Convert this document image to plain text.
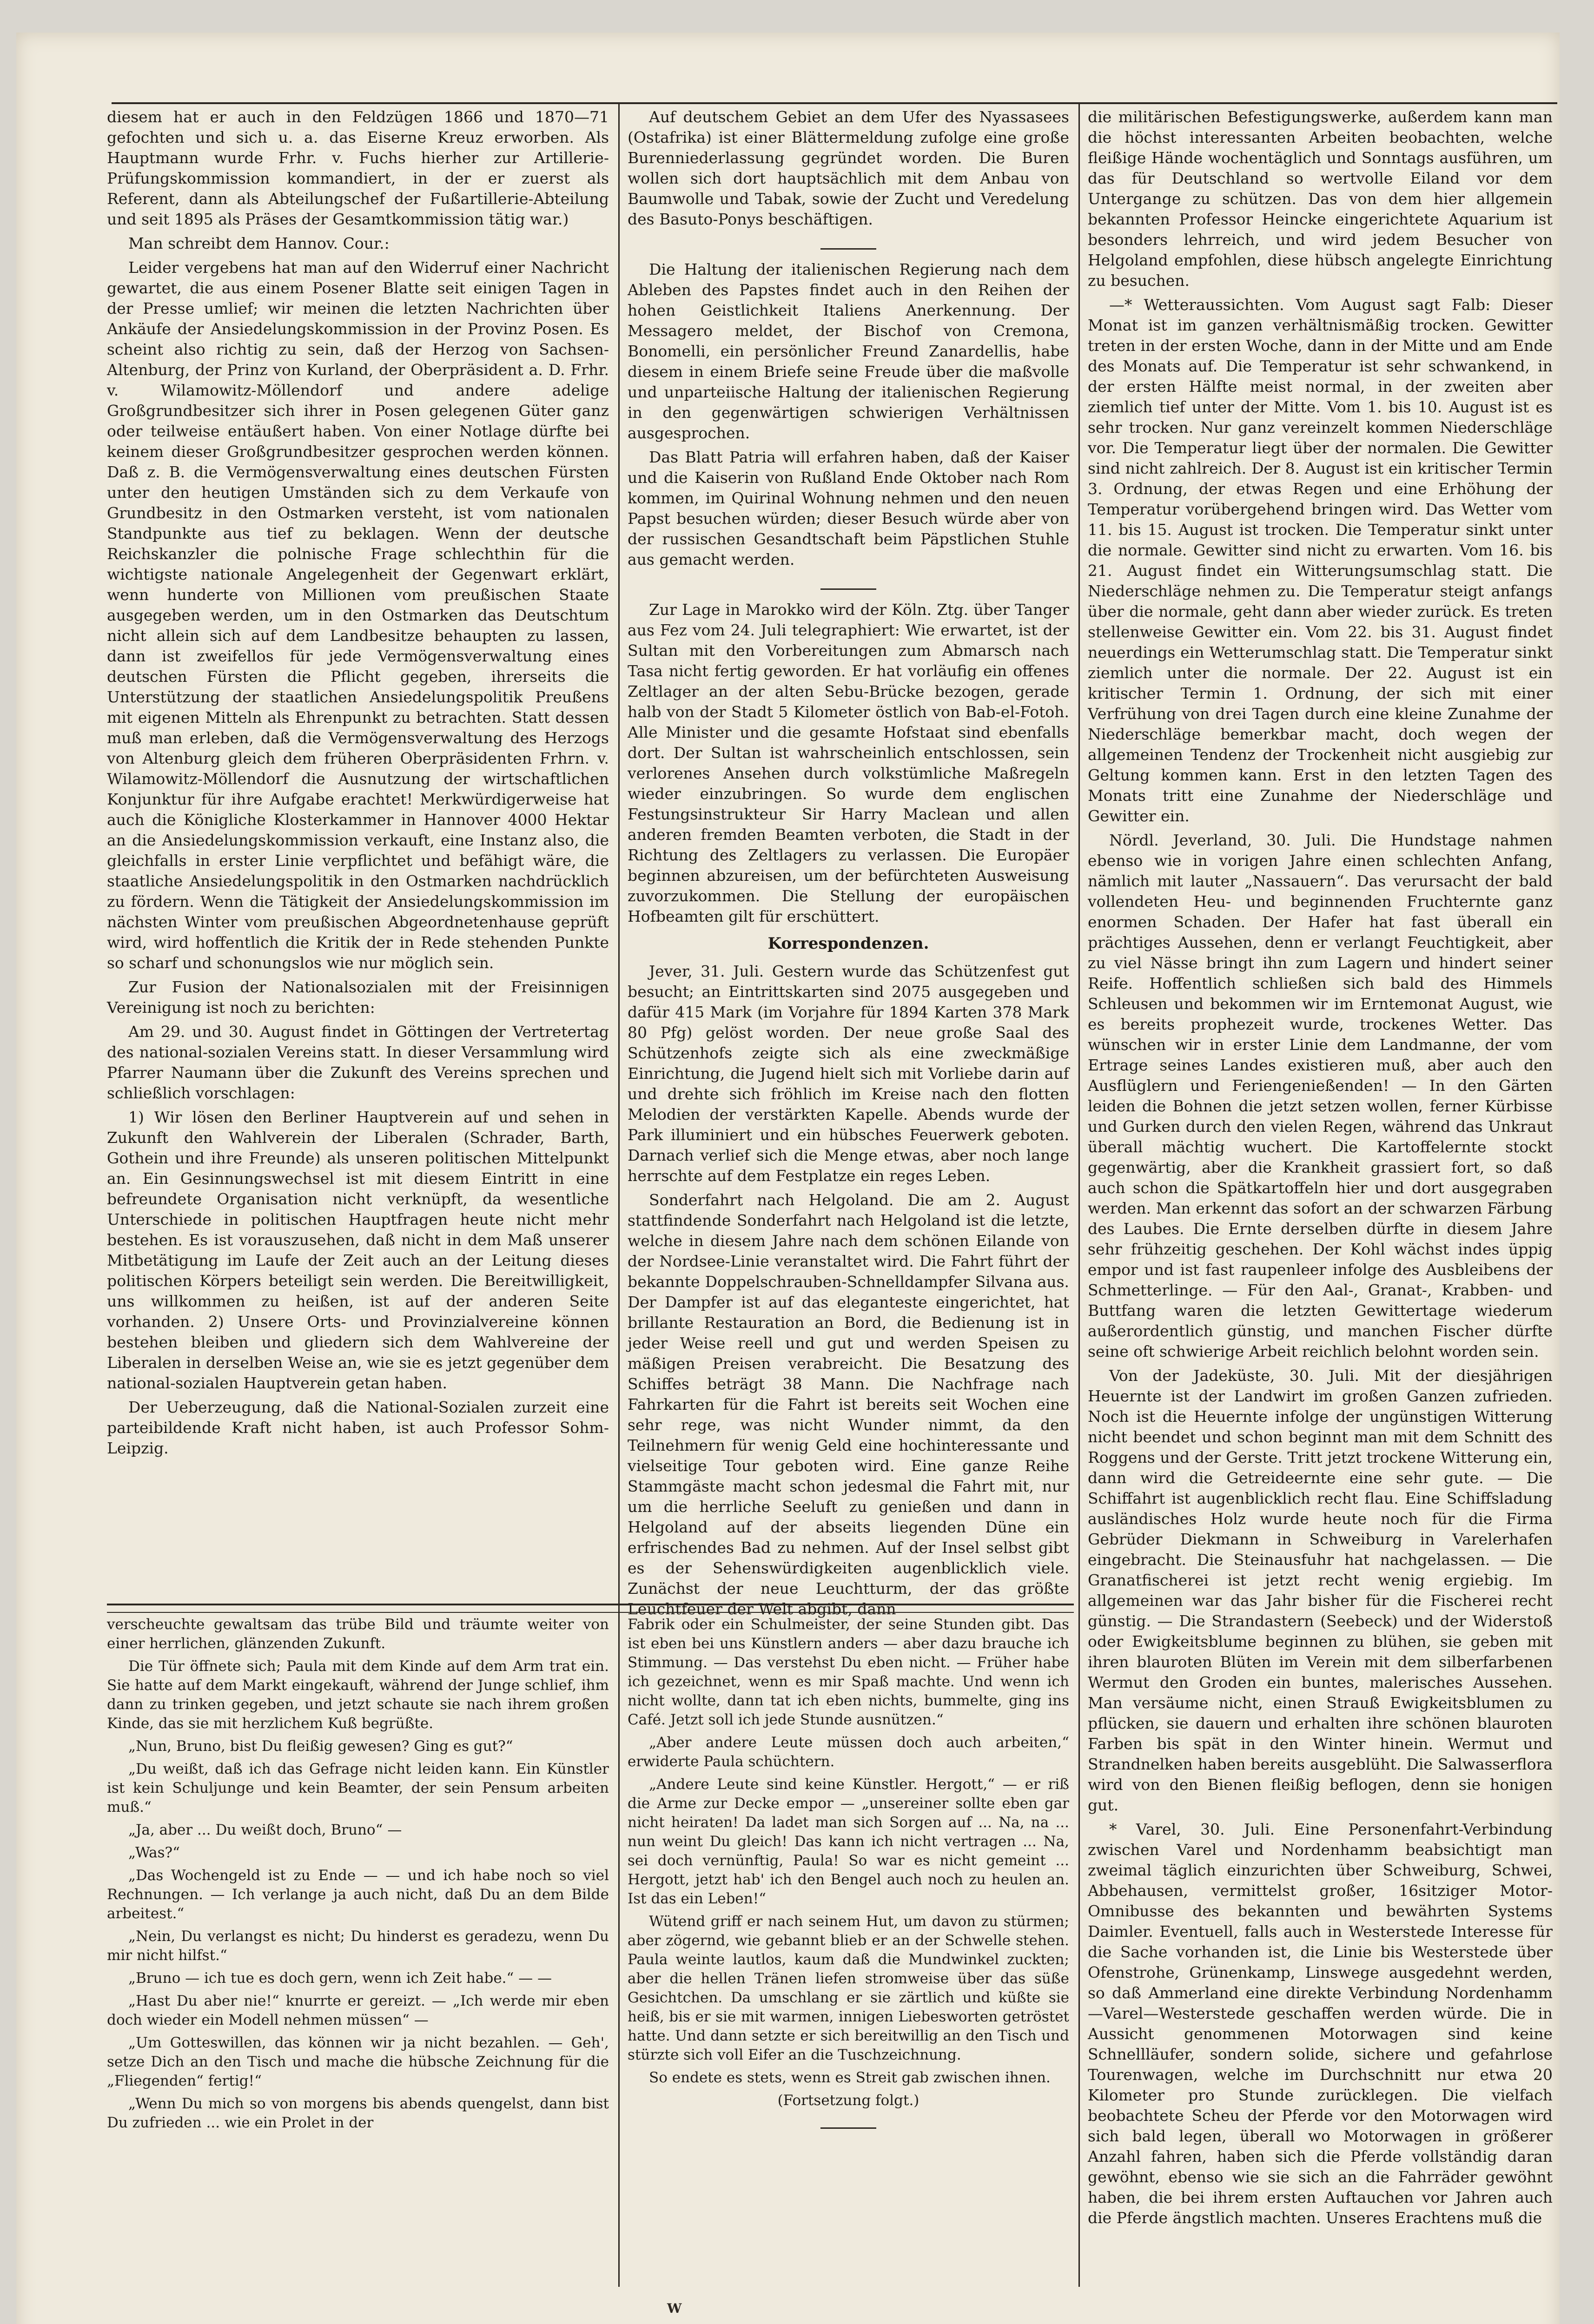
diesem hat er auch in den Feldzügen 1866 und 1870—71 gefochten und sich u. a. das Eiserne Kreuz erworben. Als Hauptmann wurde Frhr. v. Fuchs hierher zur Artillerie-Prüfungskommission kommandiert, in der er zuerst als Referent, dann als Abteilungschef der Fußartillerie-Abteilung und seit 1895 als Präses der Gesamtkommission tätig war.)

Man schreibt dem Hannov. Cour.:

Leider vergebens hat man auf den Widerruf einer Nachricht gewartet, die aus einem Posener Blatte seit einigen Tagen in der Presse umlief; wir meinen die letzten Nachrichten über Ankäufe der Ansiedelungskommission in der Provinz Posen. Es scheint also richtig zu sein, daß der Herzog von Sachsen-Altenburg, der Prinz von Kurland, der Oberpräsident a. D. Frhr. v. Wilamowitz-Möllendorf und andere adelige Großgrundbesitzer sich ihrer in Posen gelegenen Güter ganz oder teilweise entäußert haben. Von einer Notlage dürfte bei keinem dieser Großgrundbesitzer gesprochen werden können. Daß z. B. die Vermögensverwaltung eines deutschen Fürsten unter den heutigen Umständen sich zu dem Verkaufe von Grundbesitz in den Ostmarken versteht, ist vom nationalen Standpunkte aus tief zu beklagen. Wenn der deutsche Reichskanzler die polnische Frage schlechthin für die wichtigste nationale Angelegenheit der Gegenwart erklärt, wenn hunderte von Millionen vom preußischen Staate ausgegeben werden, um in den Ostmarken das Deutschtum nicht allein sich auf dem Landbesitze behaupten zu lassen, dann ist zweifellos für jede Vermögensverwaltung eines deutschen Fürsten die Pflicht gegeben, ihrerseits die Unterstützung der staatlichen Ansiedelungspolitik Preußens mit eigenen Mitteln als Ehrenpunkt zu betrachten. Statt dessen muß man erleben, daß die Vermögensverwaltung des Herzogs von Altenburg gleich dem früheren Oberpräsidenten Frhrn. v. Wilamowitz-Möllendorf die Ausnutzung der wirtschaftlichen Konjunktur für ihre Aufgabe erachtet! Merkwürdigerweise hat auch die Königliche Klosterkammer in Hannover 4000 Hektar an die Ansiedelungskommission verkauft, eine Instanz also, die gleichfalls in erster Linie verpflichtet und befähigt wäre, die staatliche Ansiedelungspolitik in den Ostmarken nachdrücklich zu fördern. Wenn die Tätigkeit der Ansiedelungskommission im nächsten Winter vom preußischen Abgeordnetenhause geprüft wird, wird hoffentlich die Kritik der in Rede stehenden Punkte so scharf und schonungslos wie nur möglich sein.

Zur Fusion der Nationalsozialen mit der Freisinnigen Vereinigung ist noch zu berichten:

Am 29. und 30. August findet in Göttingen der Vertretertag des national-sozialen Vereins statt. In dieser Versammlung wird Pfarrer Naumann über die Zukunft des Vereins sprechen und schließlich vorschlagen:

1) Wir lösen den Berliner Hauptverein auf und sehen in Zukunft den Wahlverein der Liberalen (Schrader, Barth, Gothein und ihre Freunde) als unseren politischen Mittelpunkt an. Ein Gesinnungswechsel ist mit diesem Eintritt in eine befreundete Organisation nicht verknüpft, da wesentliche Unterschiede in politischen Hauptfragen heute nicht mehr bestehen. Es ist vorauszusehen, daß nicht in dem Maß unserer Mitbetätigung im Laufe der Zeit auch an der Leitung dieses politischen Körpers beteiligt sein werden. Die Bereitwilligkeit, uns willkommen zu heißen, ist auf der anderen Seite vorhanden. 2) Unsere Orts- und Provinzialvereine können bestehen bleiben und gliedern sich dem Wahlvereine der Liberalen in derselben Weise an, wie sie es jetzt gegenüber dem national-sozialen Hauptverein getan haben.

Der Ueberzeugung, daß die National-Sozialen zurzeit eine parteibildende Kraft nicht haben, ist auch Professor Sohm-Leipzig.

Auf deutschem Gebiet an dem Ufer des Nyassasees (Ostafrika) ist einer Blättermeldung zufolge eine große Burenniederlassung gegründet worden. Die Buren wollen sich dort hauptsächlich mit dem Anbau von Baumwolle und Tabak, sowie der Zucht und Veredelung des Basuto-Ponys beschäftigen.

Die Haltung der italienischen Regierung nach dem Ableben des Papstes findet auch in den Reihen der hohen Geistlichkeit Italiens Anerkennung. Der Messagero meldet, der Bischof von Cremona, Bonomelli, ein persönlicher Freund Zanardellis, habe diesem in einem Briefe seine Freude über die maßvolle und unparteiische Haltung der italienischen Regierung in den gegenwärtigen schwierigen Verhältnissen ausgesprochen.

Das Blatt Patria will erfahren haben, daß der Kaiser und die Kaiserin von Rußland Ende Oktober nach Rom kommen, im Quirinal Wohnung nehmen und den neuen Papst besuchen würden; dieser Besuch würde aber von der russischen Gesandtschaft beim Päpstlichen Stuhle aus gemacht werden.

Zur Lage in Marokko wird der Köln. Ztg. über Tanger aus Fez vom 24. Juli telegraphiert: Wie erwartet, ist der Sultan mit den Vorbereitungen zum Abmarsch nach Tasa nicht fertig geworden. Er hat vorläufig ein offenes Zeltlager an der alten Sebu-Brücke bezogen, gerade halb von der Stadt 5 Kilometer östlich von Bab-el-Fotoh. Alle Minister und die gesamte Hofstaat sind ebenfalls dort. Der Sultan ist wahrscheinlich entschlossen, sein verlorenes Ansehen durch volkstümliche Maßregeln wieder einzubringen. So wurde dem englischen Festungsinstrukteur Sir Harry Maclean und allen anderen fremden Beamten verboten, die Stadt in der Richtung des Zeltlagers zu verlassen. Die Europäer beginnen abzureisen, um der befürchteten Ausweisung zuvorzukommen. Die Stellung der europäischen Hofbeamten gilt für erschüttert.

Korrespondenzen.

Jever, 31. Juli. Gestern wurde das Schützenfest gut besucht; an Eintrittskarten sind 2075 ausgegeben und dafür 415 Mark (im Vorjahre für 1894 Karten 378 Mark 80 Pfg) gelöst worden. Der neue große Saal des Schützenhofs zeigte sich als eine zweckmäßige Einrichtung, die Jugend hielt sich mit Vorliebe darin auf und drehte sich fröhlich im Kreise nach den flotten Melodien der verstärkten Kapelle. Abends wurde der Park illuminiert und ein hübsches Feuerwerk geboten. Darnach verlief sich die Menge etwas, aber noch lange herrschte auf dem Festplatze ein reges Leben.

Sonderfahrt nach Helgoland. Die am 2. August stattfindende Sonderfahrt nach Helgoland ist die letzte, welche in diesem Jahre nach dem schönen Eilande von der Nordsee-Linie veranstaltet wird. Die Fahrt führt der bekannte Doppelschrauben-Schnelldampfer Silvana aus. Der Dampfer ist auf das eleganteste eingerichtet, hat brillante Restauration an Bord, die Bedienung ist in jeder Weise reell und gut und werden Speisen zu mäßigen Preisen verabreicht. Die Besatzung des Schiffes beträgt 38 Mann. Die Nachfrage nach Fahrkarten für die Fahrt ist bereits seit Wochen eine sehr rege, was nicht Wunder nimmt, da den Teilnehmern für wenig Geld eine hochinteressante und vielseitige Tour geboten wird. Eine ganze Reihe Stammgäste macht schon jedesmal die Fahrt mit, nur um die herrliche Seeluft zu genießen und dann in Helgoland auf der abseits liegenden Düne ein erfrischendes Bad zu nehmen. Auf der Insel selbst gibt es der Sehenswürdigkeiten augenblicklich viele. Zunächst der neue Leuchtturm, der das größte Leuchtfeuer der Welt abgibt, dann

die militärischen Befestigungswerke, außerdem kann man die höchst interessanten Arbeiten beobachten, welche fleißige Hände wochentäglich und Sonntags ausführen, um das für Deutschland so wertvolle Eiland vor dem Untergange zu schützen. Das von dem hier allgemein bekannten Professor Heincke eingerichtete Aquarium ist besonders lehrreich, und wird jedem Besucher von Helgoland empfohlen, diese hübsch angelegte Einrichtung zu besuchen.

—* Wetteraussichten. Vom August sagt Falb: Dieser Monat ist im ganzen verhältnismäßig trocken. Gewitter treten in der ersten Woche, dann in der Mitte und am Ende des Monats auf. Die Temperatur ist sehr schwankend, in der ersten Hälfte meist normal, in der zweiten aber ziemlich tief unter der Mitte. Vom 1. bis 10. August ist es sehr trocken. Nur ganz vereinzelt kommen Niederschläge vor. Die Temperatur liegt über der normalen. Die Gewitter sind nicht zahlreich. Der 8. August ist ein kritischer Termin 3. Ordnung, der etwas Regen und eine Erhöhung der Temperatur vorübergehend bringen wird. Das Wetter vom 11. bis 15. August ist trocken. Die Temperatur sinkt unter die normale. Gewitter sind nicht zu erwarten. Vom 16. bis 21. August findet ein Witterungsumschlag statt. Die Niederschläge nehmen zu. Die Temperatur steigt anfangs über die normale, geht dann aber wieder zurück. Es treten stellenweise Gewitter ein. Vom 22. bis 31. August findet neuerdings ein Wetterumschlag statt. Die Temperatur sinkt ziemlich unter die normale. Der 22. August ist ein kritischer Termin 1. Ordnung, der sich mit einer Verfrühung von drei Tagen durch eine kleine Zunahme der Niederschläge bemerkbar macht, doch wegen der allgemeinen Tendenz der Trockenheit nicht ausgiebig zur Geltung kommen kann. Erst in den letzten Tagen des Monats tritt eine Zunahme der Niederschläge und Gewitter ein.

Nördl. Jeverland, 30. Juli. Die Hundstage nahmen ebenso wie in vorigen Jahre einen schlechten Anfang, nämlich mit lauter „Nassauern“. Das verursacht der bald vollendeten Heu- und beginnenden Fruchternte ganz enormen Schaden. Der Hafer hat fast überall ein prächtiges Aussehen, denn er verlangt Feuchtigkeit, aber zu viel Nässe bringt ihn zum Lagern und hindert seiner Reife. Hoffentlich schließen sich bald des Himmels Schleusen und bekommen wir im Erntemonat August, wie es bereits prophezeit wurde, trockenes Wetter. Das wünschen wir in erster Linie dem Landmanne, der vom Ertrage seines Landes existieren muß, aber auch den Ausflüglern und Feriengenießenden! — In den Gärten leiden die Bohnen die jetzt setzen wollen, ferner Kürbisse und Gurken durch den vielen Regen, während das Unkraut überall mächtig wuchert. Die Kartoffelernte stockt gegenwärtig, aber die Krankheit grassiert fort, so daß auch schon die Spätkartoffeln hier und dort ausgegraben werden. Man erkennt das sofort an der schwarzen Färbung des Laubes. Die Ernte derselben dürfte in diesem Jahre sehr frühzeitig geschehen. Der Kohl wächst indes üppig empor und ist fast raupenleer infolge des Ausbleibens der Schmetterlinge. — Für den Aal-, Granat-, Krabben- und Buttfang waren die letzten Gewittertage wiederum außerordentlich günstig, und manchen Fischer dürfte seine oft schwierige Arbeit reichlich belohnt worden sein.

Von der Jadeküste, 30. Juli. Mit der diesjährigen Heuernte ist der Landwirt im großen Ganzen zufrieden. Noch ist die Heuernte infolge der ungünstigen Witterung nicht beendet und schon beginnt man mit dem Schnitt des Roggens und der Gerste. Tritt jetzt trockene Witterung ein, dann wird die Getreideernte eine sehr gute. — Die Schiffahrt ist augenblicklich recht flau. Eine Schiffsladung ausländisches Holz wurde heute noch für die Firma Gebrüder Diekmann in Schweiburg in Varelerhafen eingebracht. Die Steinausfuhr hat nachgelassen. — Die Granatfischerei ist jetzt recht wenig ergiebig. Im allgemeinen war das Jahr bisher für die Fischerei recht günstig. — Die Strandastern (Seebeck) und der Widerstoß oder Ewigkeitsblume beginnen zu blühen, sie geben mit ihren blauroten Blüten im Verein mit dem silberfarbenen Wermut den Groden ein buntes, malerisches Aussehen. Man versäume nicht, einen Strauß Ewigkeitsblumen zu pflücken, sie dauern und erhalten ihre schönen blauroten Farben bis spät in den Winter hinein. Wermut und Strandnelken haben bereits ausgeblüht. Die Salwasserflora wird von den Bienen fleißig beflogen, denn sie honigen gut.

* Varel, 30. Juli. Eine Personenfahrt-Verbindung zwischen Varel und Nordenhamm beabsichtigt man zweimal täglich einzurichten über Schweiburg, Schwei, Abbehausen, vermittelst großer, 16sitziger Motor-Omnibusse des bekannten und bewährten Systems Daimler. Eventuell, falls auch in Westerstede Interesse für die Sache vorhanden ist, die Linie bis Westerstede über Ofenstrohe, Grünenkamp, Linswege ausgedehnt werden, so daß Ammerland eine direkte Verbindung Nordenhamm—Varel—Westerstede geschaffen werden würde. Die in Aussicht genommenen Motorwagen sind keine Schnellläufer, sondern solide, sichere und gefahrlose Tourenwagen, welche im Durchschnitt nur etwa 20 Kilometer pro Stunde zurücklegen. Die vielfach beobachtete Scheu der Pferde vor den Motorwagen wird sich bald legen, überall wo Motorwagen in größerer Anzahl fahren, haben sich die Pferde vollständig daran gewöhnt, ebenso wie sie sich an die Fahrräder gewöhnt haben, die bei ihrem ersten Auftauchen vor Jahren auch die Pferde ängstlich machten. Unseres Erachtens muß die

verscheuchte gewaltsam das trübe Bild und träumte weiter von einer herrlichen, glänzenden Zukunft.

Die Tür öffnete sich; Paula mit dem Kinde auf dem Arm trat ein. Sie hatte auf dem Markt eingekauft, während der Junge schlief, ihm dann zu trinken gegeben, und jetzt schaute sie nach ihrem großen Kinde, das sie mit herzlichem Kuß begrüßte.

„Nun, Bruno, bist Du fleißig gewesen? Ging es gut?“

„Du weißt, daß ich das Gefrage nicht leiden kann. Ein Künstler ist kein Schuljunge und kein Beamter, der sein Pensum arbeiten muß.“

„Ja, aber ... Du weißt doch, Bruno“ —

„Was?“

„Das Wochengeld ist zu Ende — — und ich habe noch so viel Rechnungen. — Ich verlange ja auch nicht, daß Du an dem Bilde arbeitest.“

„Nein, Du verlangst es nicht; Du hinderst es geradezu, wenn Du mir nicht hilfst.“

„Bruno — ich tue es doch gern, wenn ich Zeit habe.“ — —

„Hast Du aber nie!“ knurrte er gereizt. — „Ich werde mir eben doch wieder ein Modell nehmen müssen“ —

„Um Gotteswillen, das können wir ja nicht bezahlen. — Geh', setze Dich an den Tisch und mache die hübsche Zeichnung für die „Fliegenden“ fertig!“

„Wenn Du mich so von morgens bis abends quengelst, dann bist Du zufrieden ... wie ein Prolet in der

Fabrik oder ein Schulmeister, der seine Stunden gibt. Das ist eben bei uns Künstlern anders — aber dazu brauche ich Stimmung. — Das verstehst Du eben nicht. — Früher habe ich gezeichnet, wenn es mir Spaß machte. Und wenn ich nicht wollte, dann tat ich eben nichts, bummelte, ging ins Café. Jetzt soll ich jede Stunde ausnützen.“

„Aber andere Leute müssen doch auch arbeiten,“ erwiderte Paula schüchtern.

„Andere Leute sind keine Künstler. Hergott,“ — er riß die Arme zur Decke empor — „unsereiner sollte eben gar nicht heiraten! Da ladet man sich Sorgen auf ... Na, na ... nun weint Du gleich! Das kann ich nicht vertragen ... Na, sei doch vernünftig, Paula! So war es nicht gemeint ... Hergott, jetzt hab' ich den Bengel auch noch zu heulen an. Ist das ein Leben!“

Wütend griff er nach seinem Hut, um davon zu stürmen; aber zögernd, wie gebannt blieb er an der Schwelle stehen. Paula weinte lautlos, kaum daß die Mundwinkel zuckten; aber die hellen Tränen liefen stromweise über das süße Gesichtchen. Da umschlang er sie zärtlich und küßte sie heiß, bis er sie mit warmen, innigen Liebesworten getröstet hatte. Und dann setzte er sich bereitwillig an den Tisch und stürzte sich voll Eifer an die Tuschzeichnung.

So endete es stets, wenn es Streit gab zwischen ihnen.

(Fortsetzung folgt.)

W
